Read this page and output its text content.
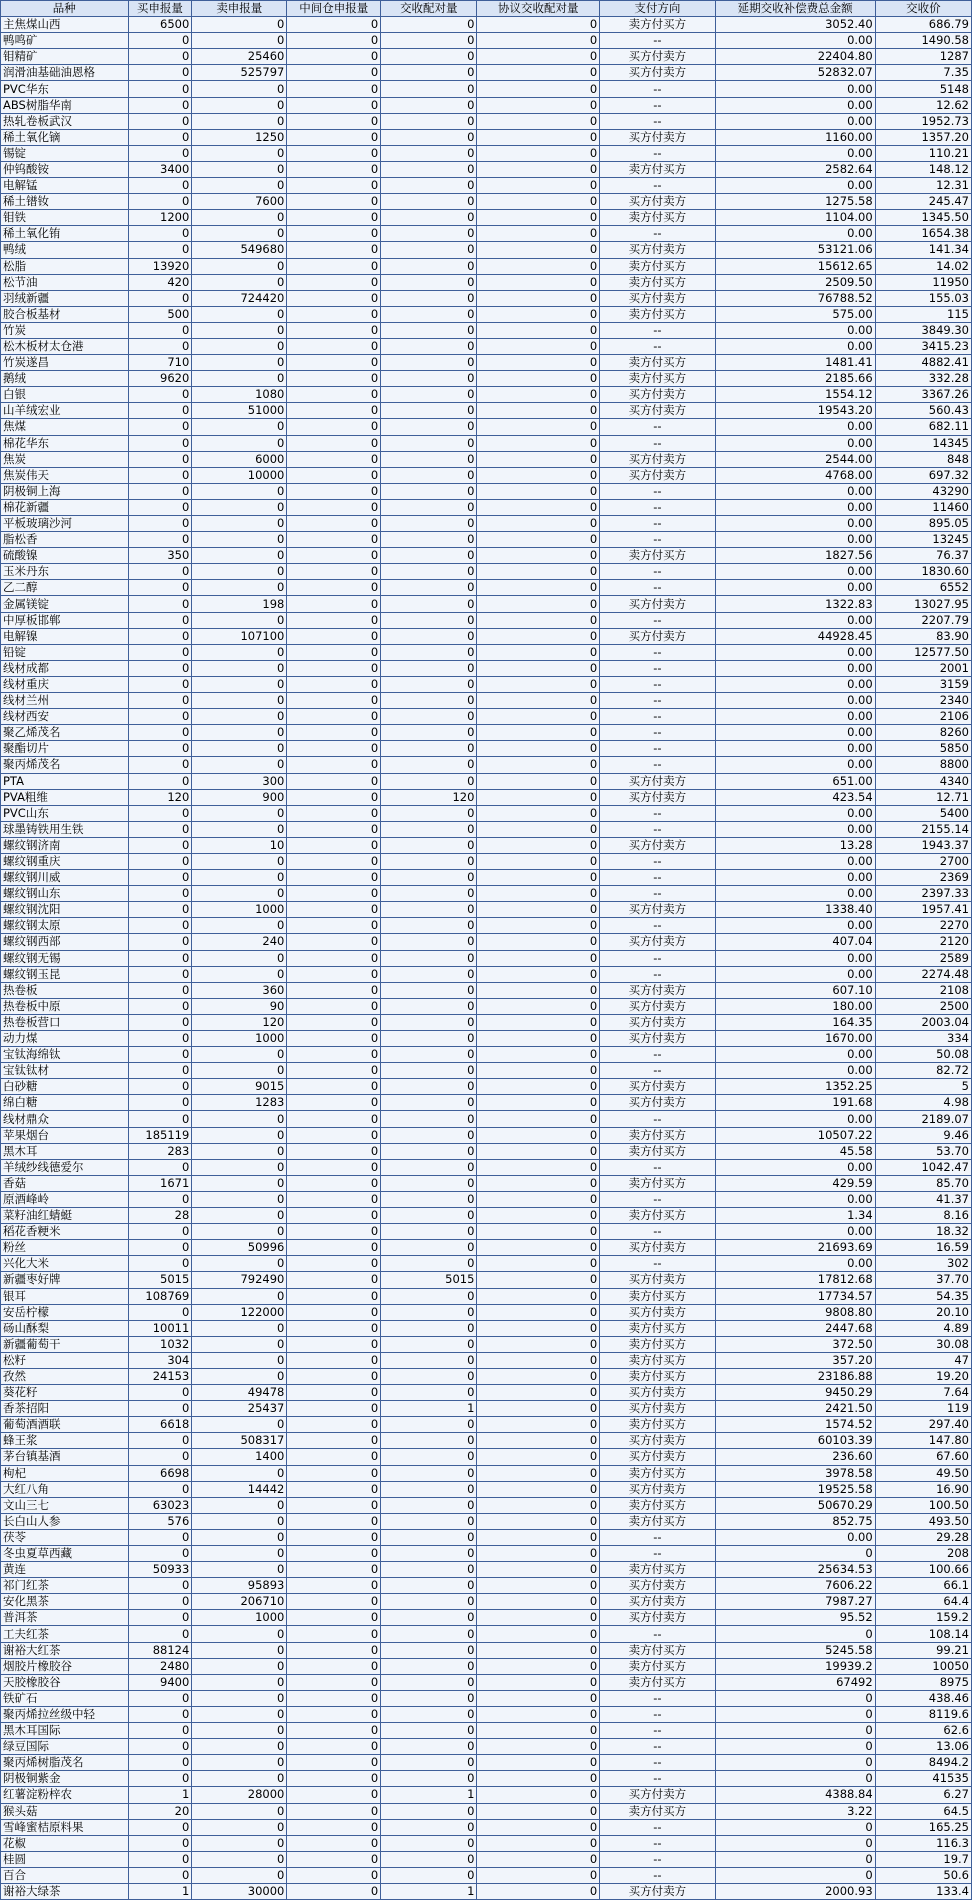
品种	买申报量	卖申报量	中间仓申报量	交收配对量	协议交收配对量	支付方向	延期交收补偿费总金额	交收价
主焦煤山西	6500	0	0	0	0	卖方付买方	3052.40	686.79
鸭鸣矿	0	0	0	0	0	--	0.00	1490.58
钼精矿	0	25460	0	0	0	买方付卖方	22404.80	1287
润滑油基础油恩格	0	525797	0	0	0	买方付卖方	52832.07	7.35
PVC华东	0	0	0	0	0	--	0.00	5148
ABS树脂华南	0	0	0	0	0	--	0.00	12.62
热轧卷板武汉	0	0	0	0	0	--	0.00	1952.73
稀土氧化镝	0	1250	0	0	0	买方付卖方	1160.00	1357.20
锡锭	0	0	0	0	0	--	0.00	110.21
仲钨酸铵	3400	0	0	0	0	卖方付买方	2582.64	148.12
电解锰	0	0	0	0	0	--	0.00	12.31
稀土镨钕	0	7600	0	0	0	买方付卖方	1275.58	245.47
钼铁	1200	0	0	0	0	卖方付买方	1104.00	1345.50
稀土氧化铕	0	0	0	0	0	--	0.00	1654.38
鸭绒	0	549680	0	0	0	买方付卖方	53121.06	141.34
松脂	13920	0	0	0	0	卖方付买方	15612.65	14.02
松节油	420	0	0	0	0	卖方付买方	2509.50	11950
羽绒新疆	0	724420	0	0	0	买方付卖方	76788.52	155.03
胶合板基材	500	0	0	0	0	卖方付买方	575.00	115
竹炭	0	0	0	0	0	--	0.00	3849.30
松木板材太仓港	0	0	0	0	0	--	0.00	3415.23
竹炭遂昌	710	0	0	0	0	卖方付买方	1481.41	4882.41
鹅绒	9620	0	0	0	0	卖方付买方	2185.66	332.28
白银	0	1080	0	0	0	买方付卖方	1554.12	3367.26
山羊绒宏业	0	51000	0	0	0	买方付卖方	19543.20	560.43
焦煤	0	0	0	0	0	--	0.00	682.11
棉花华东	0	0	0	0	0	--	0.00	14345
焦炭	0	6000	0	0	0	买方付卖方	2544.00	848
焦炭伟天	0	10000	0	0	0	买方付卖方	4768.00	697.32
阴极铜上海	0	0	0	0	0	--	0.00	43290
棉花新疆	0	0	0	0	0	--	0.00	11460
平板玻璃沙河	0	0	0	0	0	--	0.00	895.05
脂松香	0	0	0	0	0	--	0.00	13245
硫酸镍	350	0	0	0	0	卖方付买方	1827.56	76.37
玉米丹东	0	0	0	0	0	--	0.00	1830.60
乙二醇	0	0	0	0	0	--	0.00	6552
金属镁锭	0	198	0	0	0	买方付卖方	1322.83	13027.95
中厚板邯郸	0	0	0	0	0	--	0.00	2207.79
电解镍	0	107100	0	0	0	买方付卖方	44928.45	83.90
铅锭	0	0	0	0	0	--	0.00	12577.50
线材成都	0	0	0	0	0	--	0.00	2001
线材重庆	0	0	0	0	0	--	0.00	3159
线材兰州	0	0	0	0	0	--	0.00	2340
线材西安	0	0	0	0	0	--	0.00	2106
聚乙烯茂名	0	0	0	0	0	--	0.00	8260
聚酯切片	0	0	0	0	0	--	0.00	5850
聚丙烯茂名	0	0	0	0	0	--	0.00	8800
PTA	0	300	0	0	0	买方付卖方	651.00	4340
PVA粗维	120	900	0	120	0	买方付卖方	423.54	12.71
PVC山东	0	0	0	0	0	--	0.00	5400
球墨铸铁用生铁	0	0	0	0	0	--	0.00	2155.14
螺纹钢济南	0	10	0	0	0	买方付卖方	13.28	1943.37
螺纹钢重庆	0	0	0	0	0	--	0.00	2700
螺纹钢川威	0	0	0	0	0	--	0.00	2369
螺纹钢山东	0	0	0	0	0	--	0.00	2397.33
螺纹钢沈阳	0	1000	0	0	0	买方付卖方	1338.40	1957.41
螺纹钢太原	0	0	0	0	0	--	0.00	2270
螺纹钢西部	0	240	0	0	0	买方付卖方	407.04	2120
螺纹钢无锡	0	0	0	0	0	--	0.00	2589
螺纹钢玉昆	0	0	0	0	0	--	0.00	2274.48
热卷板	0	360	0	0	0	买方付卖方	607.10	2108
热卷板中原	0	90	0	0	0	买方付卖方	180.00	2500
热卷板营口	0	120	0	0	0	买方付卖方	164.35	2003.04
动力煤	0	1000	0	0	0	买方付卖方	1670.00	334
宝钛海绵钛	0	0	0	0	0	--	0.00	50.08
宝钛钛材	0	0	0	0	0	--	0.00	82.72
白砂糖	0	9015	0	0	0	买方付卖方	1352.25	5
绵白糖	0	1283	0	0	0	买方付卖方	191.68	4.98
线材鼎众	0	0	0	0	0	--	0.00	2189.07
苹果烟台	185119	0	0	0	0	卖方付买方	10507.22	9.46
黑木耳	283	0	0	0	0	卖方付买方	45.58	53.70
羊绒纱线德爱尔	0	0	0	0	0	--	0.00	1042.47
香菇	1671	0	0	0	0	卖方付买方	429.59	85.70
原酒峰岭	0	0	0	0	0	--	0.00	41.37
菜籽油红蜻蜓	28	0	0	0	0	卖方付买方	1.34	8.16
稻花香粳米	0	0	0	0	0	--	0.00	18.32
粉丝	0	50996	0	0	0	买方付卖方	21693.69	16.59
兴化大米	0	0	0	0	0	--	0.00	302
新疆枣好牌	5015	792490	0	5015	0	买方付卖方	17812.68	37.70
银耳	108769	0	0	0	0	卖方付买方	17734.57	54.35
安岳柠檬	0	122000	0	0	0	买方付卖方	9808.80	20.10
砀山酥梨	10011	0	0	0	0	卖方付买方	2447.68	4.89
新疆葡萄干	1032	0	0	0	0	卖方付买方	372.50	30.08
松籽	304	0	0	0	0	卖方付买方	357.20	47
孜然	24153	0	0	0	0	卖方付买方	23186.88	19.20
葵花籽	0	49478	0	0	0	买方付卖方	9450.29	7.64
香茶招阳	0	25437	0	1	0	买方付卖方	2421.50	119
葡萄酒酒联	6618	0	0	0	0	卖方付买方	1574.52	297.40
蜂王浆	0	508317	0	0	0	买方付卖方	60103.39	147.80
茅台镇基酒	0	1400	0	0	0	买方付卖方	236.60	67.60
枸杞	6698	0	0	0	0	卖方付买方	3978.58	49.50
大红八角	0	14442	0	0	0	买方付卖方	19525.58	16.90
文山三七	63023	0	0	0	0	卖方付买方	50670.29	100.50
长白山人参	576	0	0	0	0	卖方付买方	852.75	493.50
茯苓	0	0	0	0	0	--	0.00	29.28
冬虫夏草西藏	0	0	0	0	0	--	0	208
黄连	50933	0	0	0	0	卖方付买方	25634.53	100.66
祁门红茶	0	95893	0	0	0	买方付卖方	7606.22	66.1
安化黑茶	0	206710	0	0	0	买方付卖方	7987.27	64.4
普洱茶	0	1000	0	0	0	买方付卖方	95.52	159.2
工夫红茶	0	0	0	0	0	--	0	108.14
谢裕大红茶	88124	0	0	0	0	卖方付买方	5245.58	99.21
烟胶片橡胶谷	2480	0	0	0	0	卖方付买方	19939.2	10050
天胶橡胶谷	9400	0	0	0	0	卖方付买方	67492	8975
铁矿石	0	0	0	0	0	--	0	438.46
聚丙烯拉丝级中轻	0	0	0	0	0	--	0	8119.6
黑木耳国际	0	0	0	0	0	--	0	62.6
绿豆国际	0	0	0	0	0	--	0	13.06
聚丙烯树脂茂名	0	0	0	0	0	--	0	8494.2
阴极铜紫金	0	0	0	0	0	--	0	41535
红薯淀粉梓农	1	28000	0	1	0	买方付卖方	4388.84	6.27
猴头菇	20	0	0	0	0	卖方付买方	3.22	64.5
雪峰蜜桔原料果	0	0	0	0	0	--	0	165.25
花椒	0	0	0	0	0	--	0	116.3
桂圆	0	0	0	0	0	--	0	19.7
百合	0	0	0	0	0	--	0	50.6
谢裕大绿茶	1	30000	0	1	0	买方付卖方	2000.93	133.4
